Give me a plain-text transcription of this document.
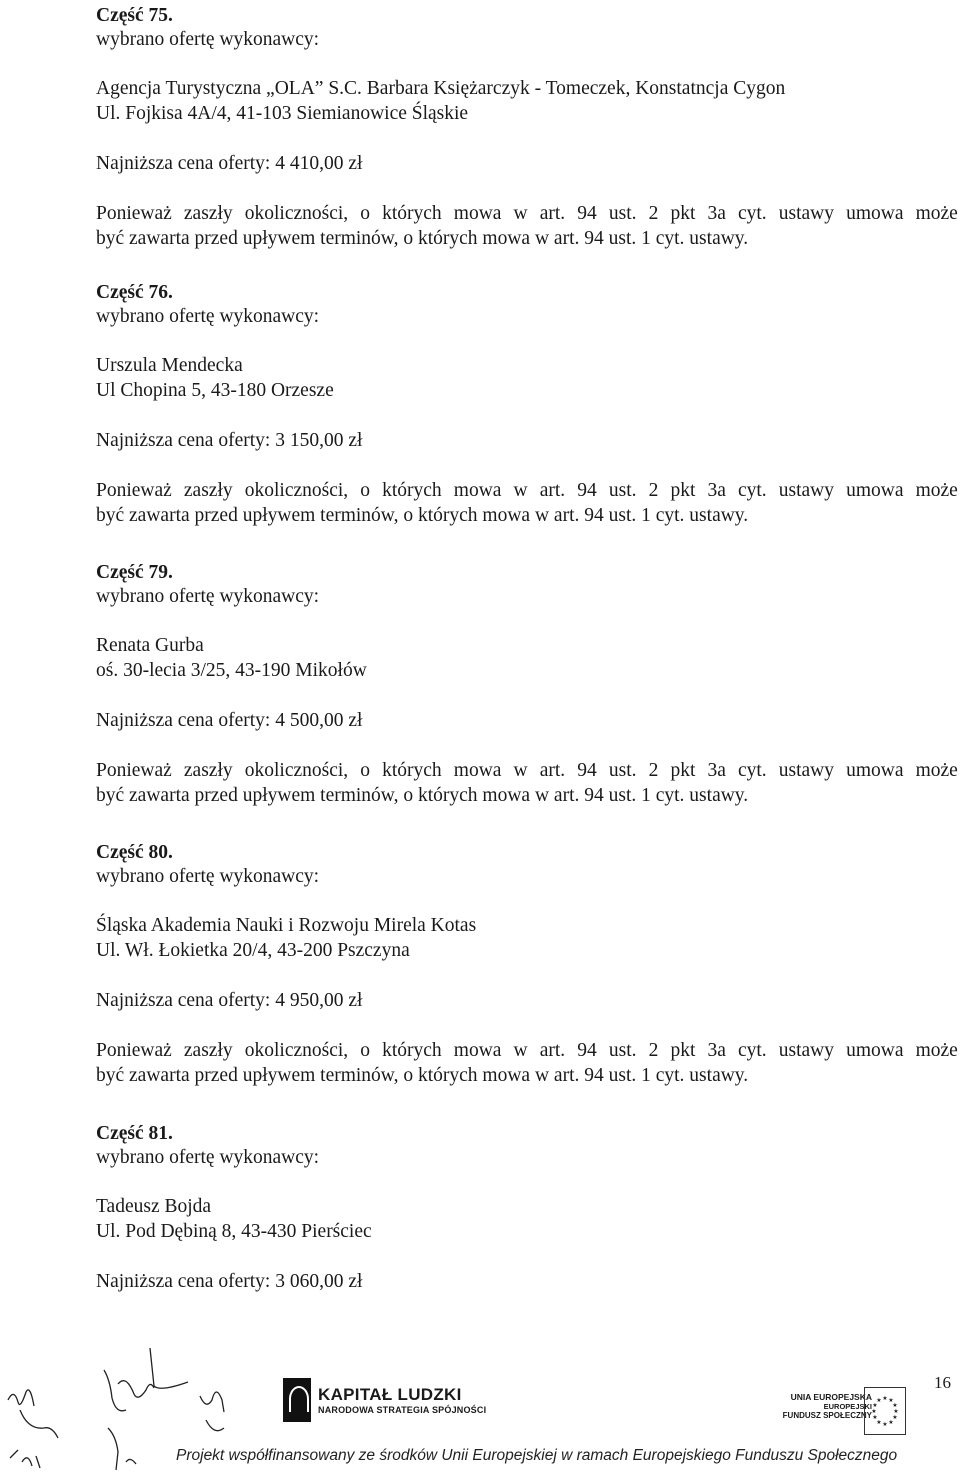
Część 75.
wybrano ofertę wykonawcy:
Agencja Turystyczna „OLA” S.C. Barbara Księżarczyk - Tomeczek, Konstatncja Cygon
Ul. Fojkisa 4A/4, 41-103 Siemianowice Śląskie
Najniższa cena oferty: 4 410,00 zł
Ponieważ zaszły okoliczności, o których mowa w art. 94 ust. 2 pkt 3a cyt. ustawy umowa może
być zawarta przed upływem terminów, o których mowa w art. 94 ust. 1 cyt. ustawy.
Część 76.
wybrano ofertę wykonawcy:
Urszula Mendecka
Ul Chopina 5, 43-180 Orzesze
Najniższa cena oferty: 3 150,00 zł
Ponieważ zaszły okoliczności, o których mowa w art. 94 ust. 2 pkt 3a cyt. ustawy umowa może
być zawarta przed upływem terminów, o których mowa w art. 94 ust. 1 cyt. ustawy.
Część 79.
wybrano ofertę wykonawcy:
Renata Gurba
oś. 30-lecia 3/25, 43-190 Mikołów
Najniższa cena oferty: 4 500,00 zł
Ponieważ zaszły okoliczności, o których mowa w art. 94 ust. 2 pkt 3a cyt. ustawy umowa może
być zawarta przed upływem terminów, o których mowa w art. 94 ust. 1 cyt. ustawy.
Część 80.
wybrano ofertę wykonawcy:
Śląska Akademia Nauki i Rozwoju Mirela Kotas
Ul. Wł. Łokietka 20/4, 43-200 Pszczyna
Najniższa cena oferty: 4 950,00 zł
Ponieważ zaszły okoliczności, o których mowa w art. 94 ust. 2 pkt 3a cyt. ustawy umowa może
być zawarta przed upływem terminów, o których mowa w art. 94 ust. 1 cyt. ustawy.
Część 81.
wybrano ofertę wykonawcy:
Tadeusz Bojda
Ul. Pod Dębiną 8, 43-430 Pierściec
Najniższa cena oferty: 3 060,00 zł
KAPITAŁ LUDZKI
NARODOWA STRATEGIA SPÓJNOŚCI
UNIA EUROPEJSKA
EUROPEJSKI
FUNDUSZ SPOŁECZNY
★ ★
★
★
★
★
★
★
★
★
★
★
16
Projekt współfinansowany ze środków Unii Europejskiej w ramach Europejskiego Funduszu Społecznego
